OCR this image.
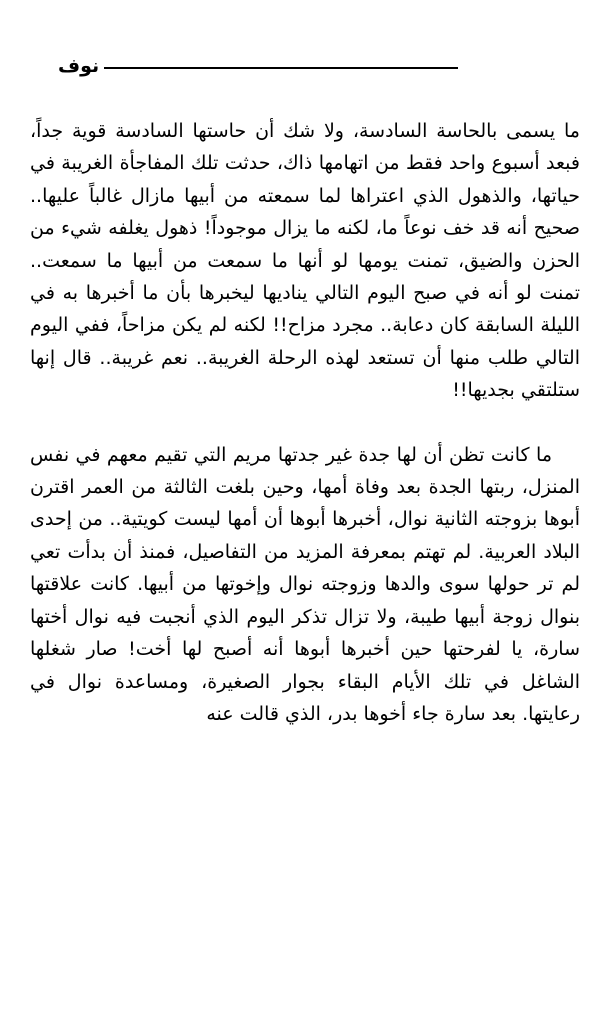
نوف

ما يسمى بالحاسة السادسة، ولا شك أن حاستها السادسة قوية جداً، فبعد أسبوع واحد فقط من اتهامها ذاك، حدثت تلك المفاجأة الغريبة في حياتها، والذهول الذي اعتراها لما سمعته من أبيها مازال غالباً عليها.. صحيح أنه قد خف نوعاً ما، لكنه ما يزال موجوداً! ذهول يغلفه شيء من الحزن والضيق، تمنت يومها لو أنها ما سمعت من أبيها ما سمعت.. تمنت لو أنه في صبح اليوم التالي يناديها ليخبرها بأن ما أخبرها به في الليلة السابقة كان دعابة.. مجرد مزاح!! لكنه لم يكن مزاحاً، ففي اليوم التالي طلب منها أن تستعد لهذه الرحلة الغريبة.. نعم غريبة.. قال إنها ستلتقي بجديها!!

ما كانت تظن أن لها جدة غير جدتها مريم التي تقيم معهم في نفس المنزل، ربتها الجدة بعد وفاة أمها، وحين بلغت الثالثة من العمر اقترن أبوها بزوجته الثانية نوال، أخبرها أبوها أن أمها ليست كويتية.. من إحدى البلاد العربية. لم تهتم بمعرفة المزيد من التفاصيل، فمنذ أن بدأت تعي لم تر حولها سوى والدها وزوجته نوال وإخوتها من أبيها. كانت علاقتها بنوال زوجة أبيها طيبة، ولا تزال تذكر اليوم الذي أنجبت فيه نوال أختها سارة، يا لفرحتها حين أخبرها أبوها أنه أصبح لها أخت! صار شغلها الشاغل في تلك الأيام البقاء بجوار الصغيرة، ومساعدة نوال في رعايتها. بعد سارة جاء أخوها بدر، الذي قالت عنه
